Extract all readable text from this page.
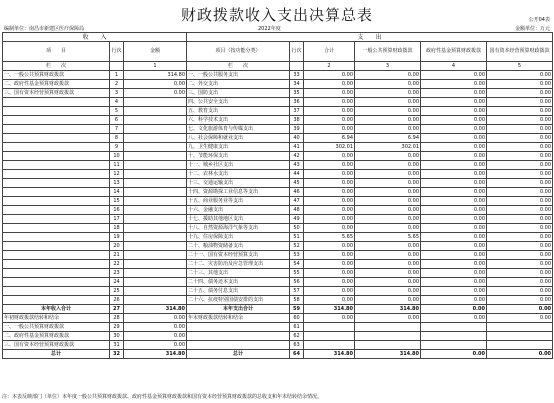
财政拨款收入支出决算总表	公开04表
编制单位：南昌市新建区医疗保障局	2022年度	金额单位：万元
收　　入			支　　出					
项　　目	行次	金额	项目（按功能分类）	行次	合计	一般公共预算财政拨款	政府性基金预算财政拨款	国有资本经营预算财政拨款
栏　　次		1	栏　　次		2	3	4	5
一、一般公共预算财政拨款	1	314.80	一、一般公共服务支出	33	0.00	0.00	0.00	0.00
二、政府性基金预算财政拨款	2	0.00	二、外交支出	34	0.00	0.00	0.00	0.00
三、国有资本经营预算财政拨款	3	0.00	三、国防支出	35	0.00	0.00	0.00	0.00
	4		四、公共安全支出	36	0.00	0.00	0.00	0.00
	5		五、教育支出	37	0.00	0.00	0.00	0.00
	6		六、科学技术支出	38	0.00	0.00	0.00	0.00
	7		七、文化旅游体育与传媒支出	39	0.00	0.00	0.00	0.00
	8		八、社会保障和就业支出	40	6.94	6.94	0.00	0.00
	9		九、卫生健康支出	41	302.01	302.01	0.00	0.00
	10		十、节能环保支出	42	0.00	0.00	0.00	0.00
	11		十一、城乡社区支出	43	0.00	0.00	0.00	0.00
	12		十二、农林水支出	44	0.00	0.00	0.00	0.00
	13		十三、交通运输支出	45	0.00	0.00	0.00	0.00
	14		十四、资源勘探工业信息等支出	46	0.00	0.00	0.00	0.00
	15		十五、商业服务业等支出	47	0.00	0.00	0.00	0.00
	16		十六、金融支出	48	0.00	0.00	0.00	0.00
	17		十七、援助其他地区支出	49	0.00	0.00	0.00	0.00
	18		十八、自然资源海洋气象等支出	50	0.00	0.00	0.00	0.00
	19		十九、住房保障支出	51	5.65	5.65	0.00	0.00
	20		二十、粮油物资储备支出	52	0.00	0.00	0.00	0.00
	21		二十一、国有资本经营预算支出	53	0.00	0.00	0.00	0.00
	22		二十二、灾害防治及应急管理支出	54	0.00	0.00	0.00	0.00
	23		二十三、其他支出	55	0.00	0.00	0.00	0.00
	24		二十四、债务还本支出	56	0.00	0.00	0.00	0.00
	25		二十五、债务付息支出	57	0.00	0.00	0.00	0.00
	26		二十六、抗疫特别国债安排的支出	58	0.00	0.00	0.00	0.00
本年收入合计	27	314.80	本年支出合计	59	314.80	314.80	0.00	0.00
年初财政拨款结转和结余	28	0.00	年末财政拨款结转和结余	60	0.00	0.00	0.00	0.00
一、一般公共预算财政拨款	29	0.00		61				
二、政府性基金预算财政拨款	30	0.00		62				
三、国有资本经营预算财政拨款	31	0.00		63				
总计	32	314.80	总计	64	314.80	314.80	0.00	0.00
注：本表反映部门（单位）本年度一般公共预算财政拨款、政府性基金预算财政拨款和国有资本经营预算财政拨款的总收支和年末结转结余情况。
